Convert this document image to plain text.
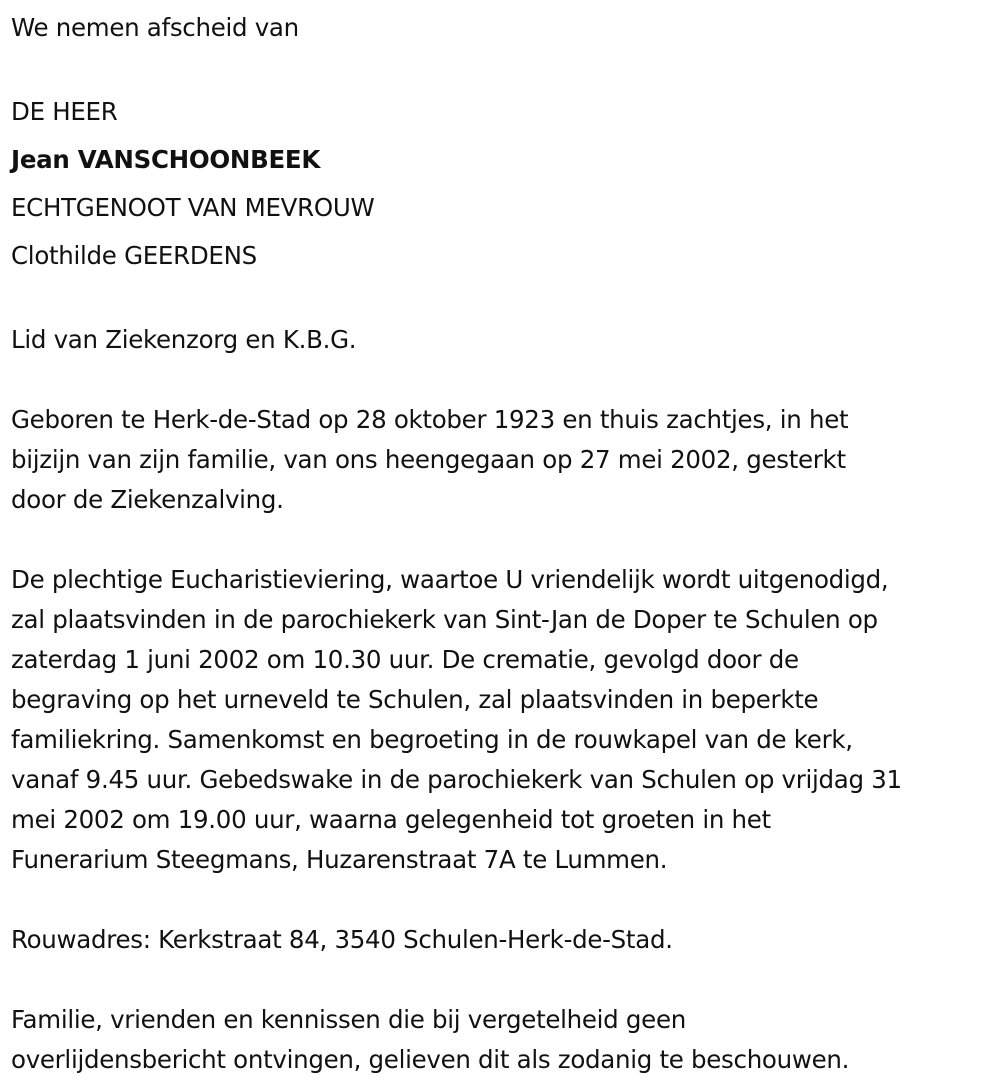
We nemen afscheid van
DE HEER
Jean VANSCHOONBEEK
ECHTGENOOT VAN MEVROUW
Clothilde GEERDENS
Lid van Ziekenzorg en K.B.G.
Geboren te Herk-de-Stad op 28 oktober 1923 en thuis zachtjes, in het
bijzijn van zijn familie, van ons heengegaan op 27 mei 2002, gesterkt
door de Ziekenzalving.
De plechtige Eucharistieviering, waartoe U vriendelijk wordt uitgenodigd,
zal plaatsvinden in de parochiekerk van Sint-Jan de Doper te Schulen op
zaterdag 1 juni 2002 om 10.30 uur. De crematie, gevolgd door de
begraving op het urneveld te Schulen, zal plaatsvinden in beperkte
familiekring. Samenkomst en begroeting in de rouwkapel van de kerk,
vanaf 9.45 uur. Gebedswake in de parochiekerk van Schulen op vrijdag 31
mei 2002 om 19.00 uur, waarna gelegenheid tot groeten in het
Funerarium Steegmans, Huzarenstraat 7A te Lummen.
Rouwadres: Kerkstraat 84, 3540 Schulen-Herk-de-Stad.
Familie, vrienden en kennissen die bij vergetelheid geen
overlijdensbericht ontvingen, gelieven dit als zodanig te beschouwen.
